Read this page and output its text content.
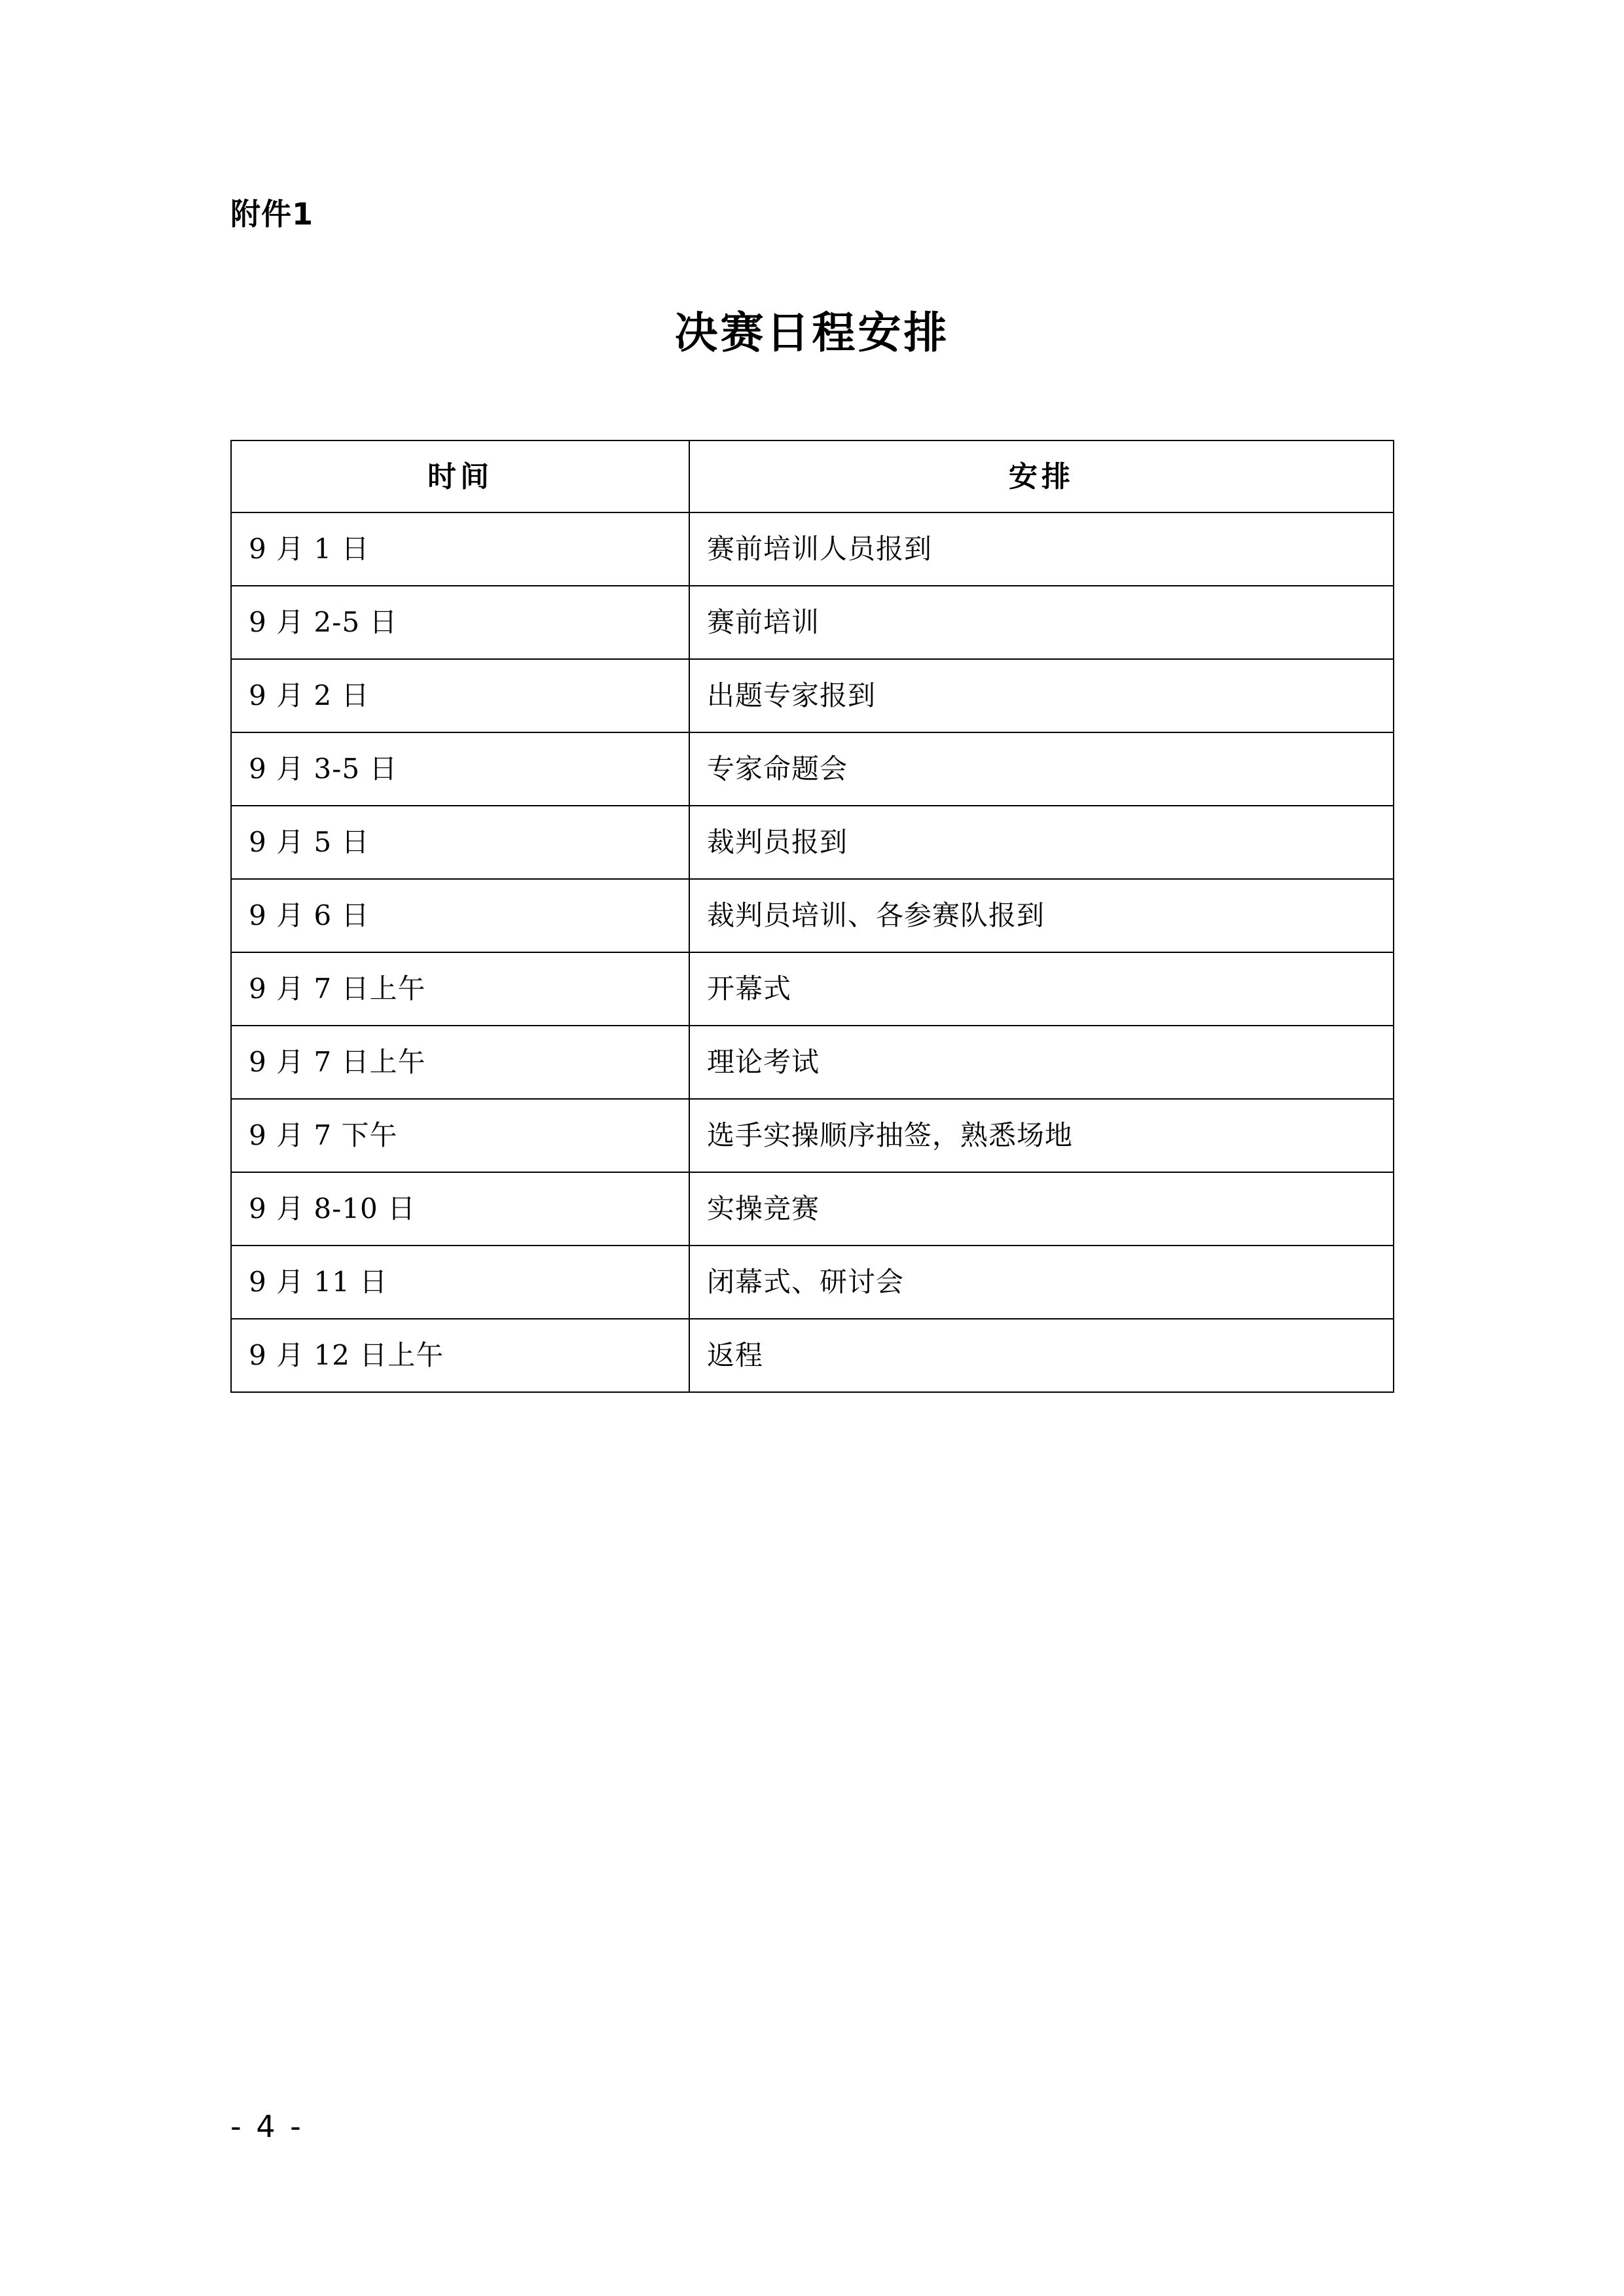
附件1
决赛日程安排
时间	安排
9 月 1 日	赛前培训人员报到
9 月 2-5 日	赛前培训
9 月 2 日	出题专家报到
9 月 3-5 日	专家命题会
9 月 5 日	裁判员报到
9 月 6 日	裁判员培训、各参赛队报到
9 月 7 日上午	开幕式
9 月 7 日上午	理论考试
9 月 7 下午	选手实操顺序抽签，熟悉场地
9 月 8-10 日	实操竞赛
9 月 11 日	闭幕式、研讨会
9 月 12 日上午	返程
- 4 -
